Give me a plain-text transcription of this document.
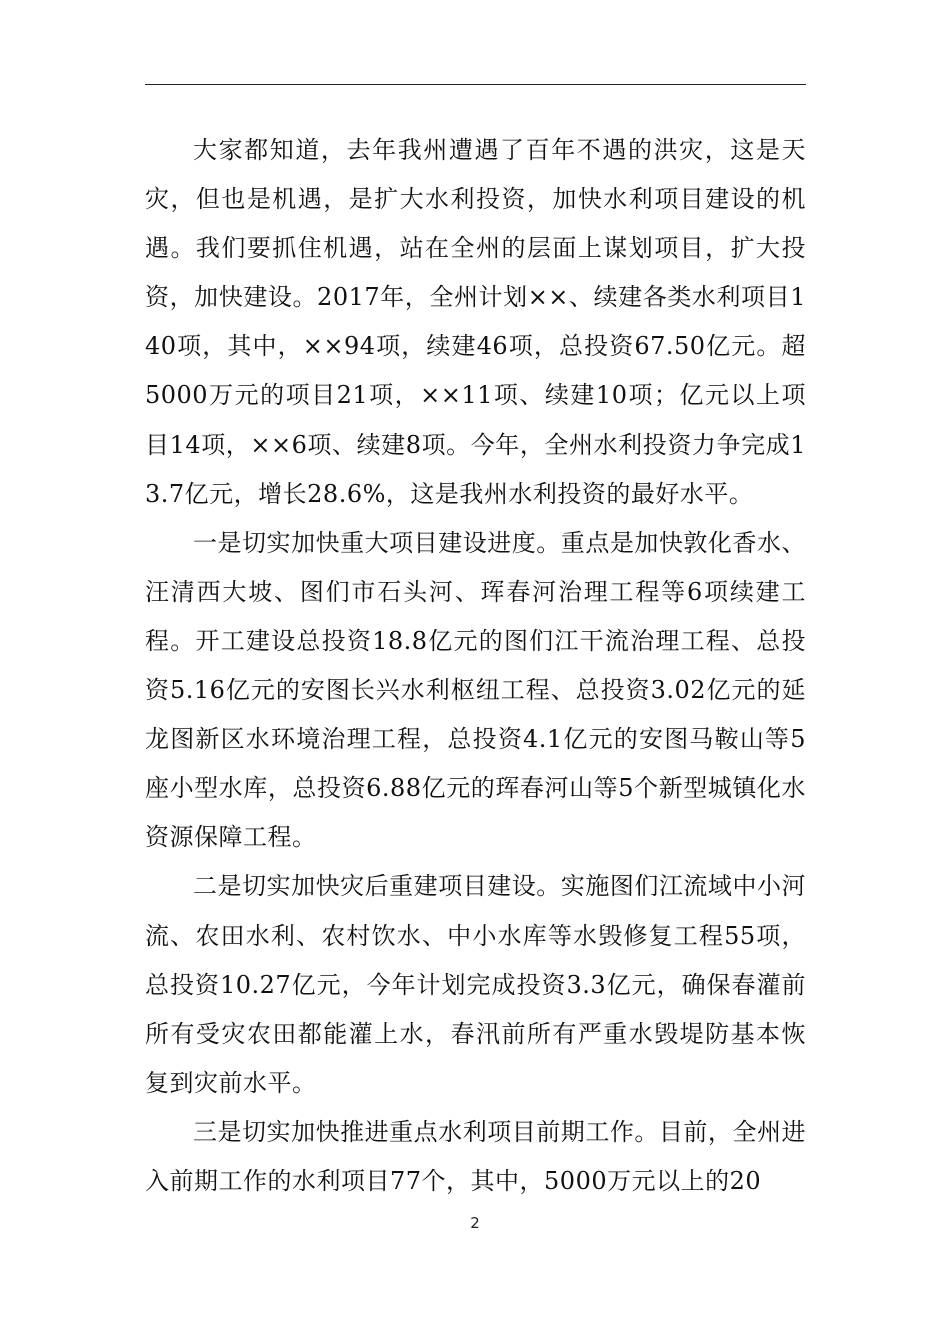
大家都知道，去年我州遭遇了百年不遇的洪灾，这是天灾，但也是机遇，是扩大水利投资，加快水利项目建设的机遇。我们要抓住机遇，站在全州的层面上谋划项目，扩大投资，加快建设。2017年，全州计划××、续建各类水利项目140项，其中，××94项，续建46项，总投资67.50亿元。超5000万元的项目21项，××11项、续建10项；亿元以上项目14项，××6项、续建8项。今年，全州水利投资力争完成13.7亿元，增长28.6%，这是我州水利投资的最好水平。

一是切实加快重大项目建设进度。重点是加快敦化香水、汪清西大坡、图们市石头河、珲春河治理工程等6项续建工程。开工建设总投资18.8亿元的图们江干流治理工程、总投资5.16亿元的安图长兴水利枢纽工程、总投资3.02亿元的延龙图新区水环境治理工程，总投资4.1亿元的安图马鞍山等5座小型水库，总投资6.88亿元的珲春河山等5个新型城镇化水资源保障工程。

二是切实加快灾后重建项目建设。实施图们江流域中小河流、农田水利、农村饮水、中小水库等水毁修复工程55项，总投资10.27亿元，今年计划完成投资3.3亿元，确保春灌前所有受灾农田都能灌上水，春汛前所有严重水毁堤防基本恢复到灾前水平。

三是切实加快推进重点水利项目前期工作。目前，全州进入前期工作的水利项目77个，其中，5000万元以上的20

2
